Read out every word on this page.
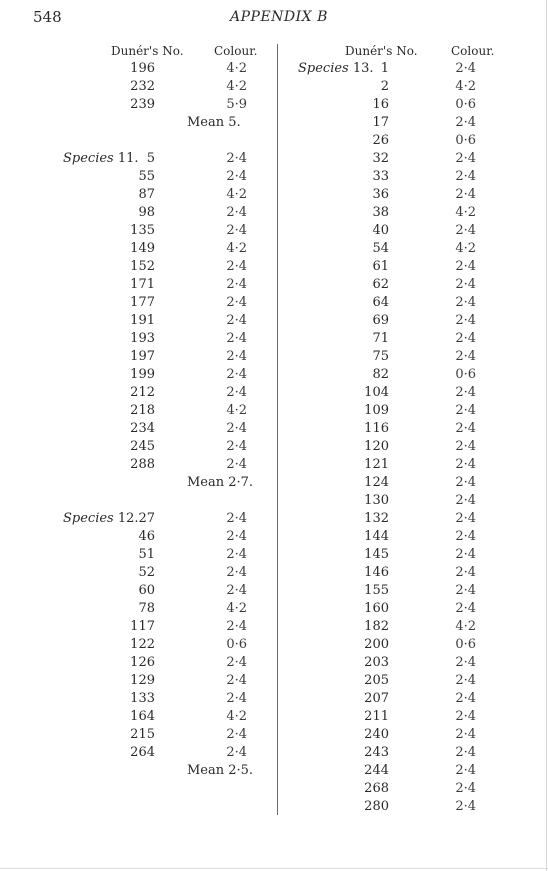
548	APPENDIX B
Dunér's No.	Colour.	Dunér's No.	Colour.
196	4·2
232	4·2
239	5·9
Mean 5.
Species 11. 5	2·4
55	2·4
87	4·2
98	2·4
135	2·4
149	4·2
152	2·4
171	2·4
177	2·4
191	2·4
193	2·4
197	2·4
199	2·4
212	2·4
218	4·2
234	2·4
245	2·4
288	2·4
Mean 2·7.
Species 12. 27	2·4
46	2·4
51	2·4
52	2·4
60	2·4
78	4·2
117	2·4
122	0·6
126	2·4
129	2·4
133	2·4
164	4·2
215	2·4
264	2·4
Mean 2·5.
Species 13. 1	2·4
2	4·2
16	0·6
17	2·4
26	0·6
32	2·4
33	2·4
36	2·4
38	4·2
40	2·4
54	4·2
61	2·4
62	2·4
64	2·4
69	2·4
71	2·4
75	2·4
82	0·6
104	2·4
109	2·4
116	2·4
120	2·4
121	2·4
124	2·4
130	2·4
132	2·4
144	2·4
145	2·4
146	2·4
155	2·4
160	2·4
182	4·2
200	0·6
203	2·4
205	2·4
207	2·4
211	2·4
240	2·4
243	2·4
244	2·4
268	2·4
280	2·4
